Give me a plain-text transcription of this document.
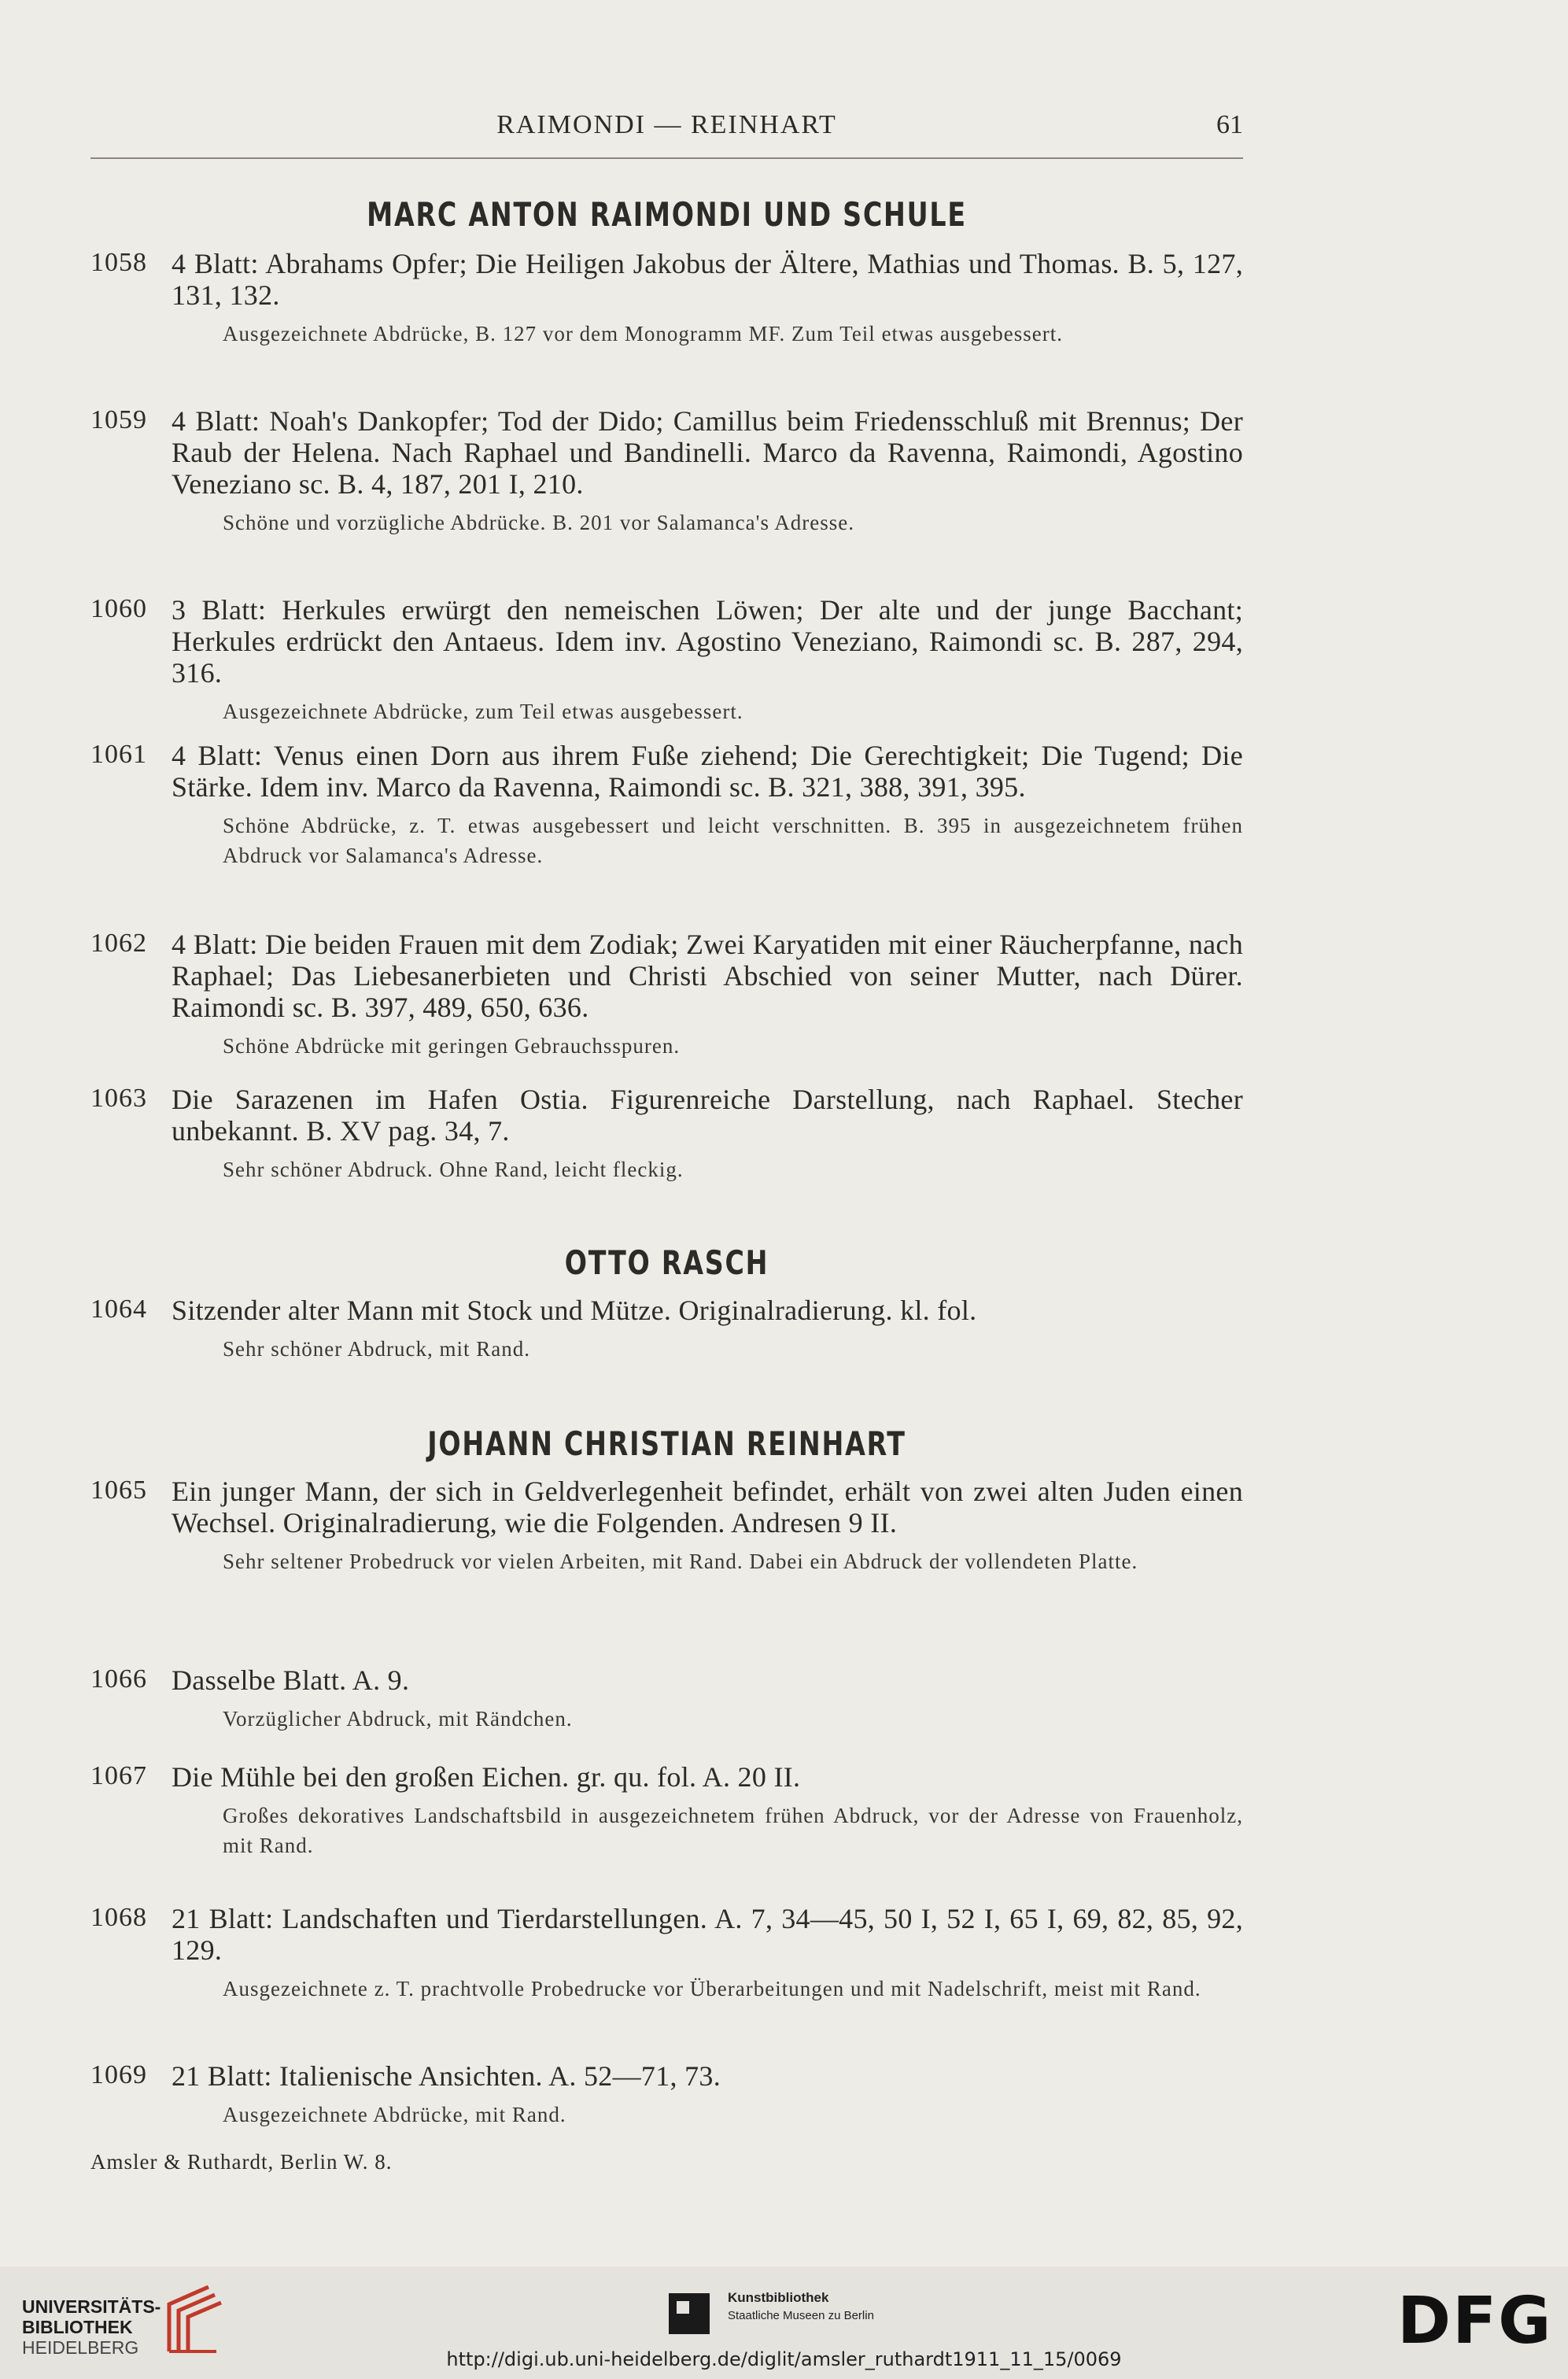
RAIMONDI — REINHART	61
MARC ANTON RAIMONDI UND SCHULE
1058 4 Blatt: Abrahams Opfer; Die Heiligen Jakobus der Ältere, Mathias und Thomas. B. 5, 127, 131, 132.
Ausgezeichnete Abdrücke, B. 127 vor dem Monogramm MF. Zum Teil etwas ausgebessert.
1059 4 Blatt: Noah's Dankopfer; Tod der Dido; Camillus beim Friedensschluß mit Brennus; Der Raub der Helena. Nach Raphael und Bandinelli. Marco da Ravenna, Raimondi, Agostino Veneziano sc. B. 4, 187, 201 I, 210.
Schöne und vorzügliche Abdrücke. B. 201 vor Salamanca's Adresse.
1060 3 Blatt: Herkules erwürgt den nemeischen Löwen; Der alte und der junge Bacchant; Herkules erdrückt den Antaeus. Idem inv. Agostino Veneziano, Raimondi sc. B. 287, 294, 316.
Ausgezeichnete Abdrücke, zum Teil etwas ausgebessert.
1061 4 Blatt: Venus einen Dorn aus ihrem Fuße ziehend; Die Gerechtigkeit; Die Tugend; Die Stärke. Idem inv. Marco da Ravenna, Raimondi sc. B. 321, 388, 391, 395.
Schöne Abdrücke, z. T. etwas ausgebessert und leicht verschnitten. B. 395 in ausgezeichnetem frühen Abdruck vor Salamanca's Adresse.
1062 4 Blatt: Die beiden Frauen mit dem Zodiak; Zwei Karyatiden mit einer Räucherpfanne, nach Raphael; Das Liebesanerbieten und Christi Abschied von seiner Mutter, nach Dürer. Raimondi sc. B. 397, 489, 650, 636.
Schöne Abdrücke mit geringen Gebrauchsspuren.
1063 Die Sarazenen im Hafen Ostia. Figurenreiche Darstellung, nach Raphael. Stecher unbekannt. B. XV pag. 34, 7.
Sehr schöner Abdruck. Ohne Rand, leicht fleckig.
OTTO RASCH
1064 Sitzender alter Mann mit Stock und Mütze. Originalradierung. kl. fol.
Sehr schöner Abdruck, mit Rand.
JOHANN CHRISTIAN REINHART
1065 Ein junger Mann, der sich in Geldverlegenheit befindet, erhält von zwei alten Juden einen Wechsel. Originalradierung, wie die Folgenden. Andresen 9 II.
Sehr seltener Probedruck vor vielen Arbeiten, mit Rand. Dabei ein Abdruck der vollendeten Platte.
1066 Dasselbe Blatt. A. 9.
Vorzüglicher Abdruck, mit Rändchen.
1067 Die Mühle bei den großen Eichen. gr. qu. fol. A. 20 II.
Großes dekoratives Landschaftsbild in ausgezeichnetem frühen Abdruck, vor der Adresse von Frauenholz, mit Rand.
1068 21 Blatt: Landschaften und Tierdarstellungen. A. 7, 34—45, 50 I, 52 I, 65 I, 69, 82, 85, 92, 129.
Ausgezeichnete z. T. prachtvolle Probedrucke vor Überarbeitungen und mit Nadelschrift, meist mit Rand.
1069 21 Blatt: Italienische Ansichten. A. 52—71, 73.
Ausgezeichnete Abdrücke, mit Rand.
Amsler & Ruthardt, Berlin W. 8.
UNIVERSITÄTS-
BIBLIOTHEK
HEIDELBERG
Kunstbibliothek
Staatliche Museen zu Berlin	DFG
http://digi.ub.uni-heidelberg.de/diglit/amsler_ruthardt1911_11_15/0069
